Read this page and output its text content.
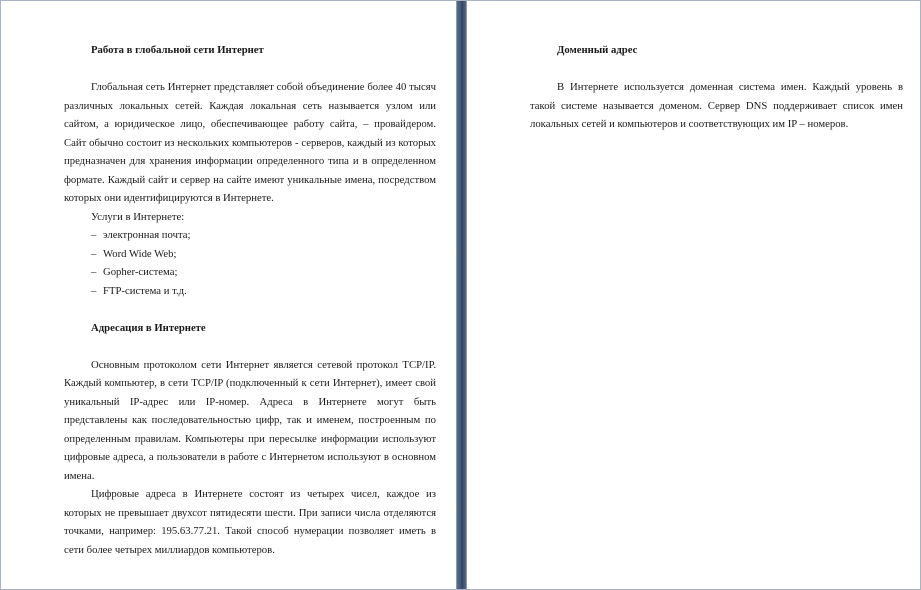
Работа в глобальной сети Интернет

Глобальная сеть Интернет представляет собой объединение более 40 тысяч различных локальных сетей. Каждая локальная сеть называется узлом или сайтом, а юридическое лицо, обеспечивающее работу сайта, – провайдером. Сайт обычно состоит из нескольких компьютеров - серверов, каждый из которых предназначен для хранения информации определенного типа и в определенном формате. Каждый сайт и сервер на сайте имеют уникальные имена, посредством которых они идентифицируются в Интернете.

Услуги в Интернете:
– электронная почта;
– Word Wide Web;
– Gopher-система;
– FTP-система и т.д.
Адресация в Интернете

Основным протоколом сети Интернет является сетевой протокол TCP/IP. Каждый компьютер, в сети TCP/IP (подключенный к сети Интернет), имеет свой уникальный IP-адрес или IP-номер. Адреса в Интернете могут быть представлены как последовательностью цифр, так и именем, построенным по определенным правилам. Компьютеры при пересылке информации используют цифровые адреса, а пользователи в работе с Интернетом используют в основном имена.

Цифровые адреса в Интернете состоят из четырех чисел, каждое из которых не превышает двухсот пятидесяти шести. При записи числа отделяются точками, например: 195.63.77.21. Такой способ нумерации позволяет иметь в сети более четырех миллиардов компьютеров.

Доменный адрес

В Интернете используется доменная система имен. Каждый уровень в такой системе называется доменом. Сервер DNS поддерживает список имен локальных сетей и компьютеров и соответствующих им IP – номеров.
